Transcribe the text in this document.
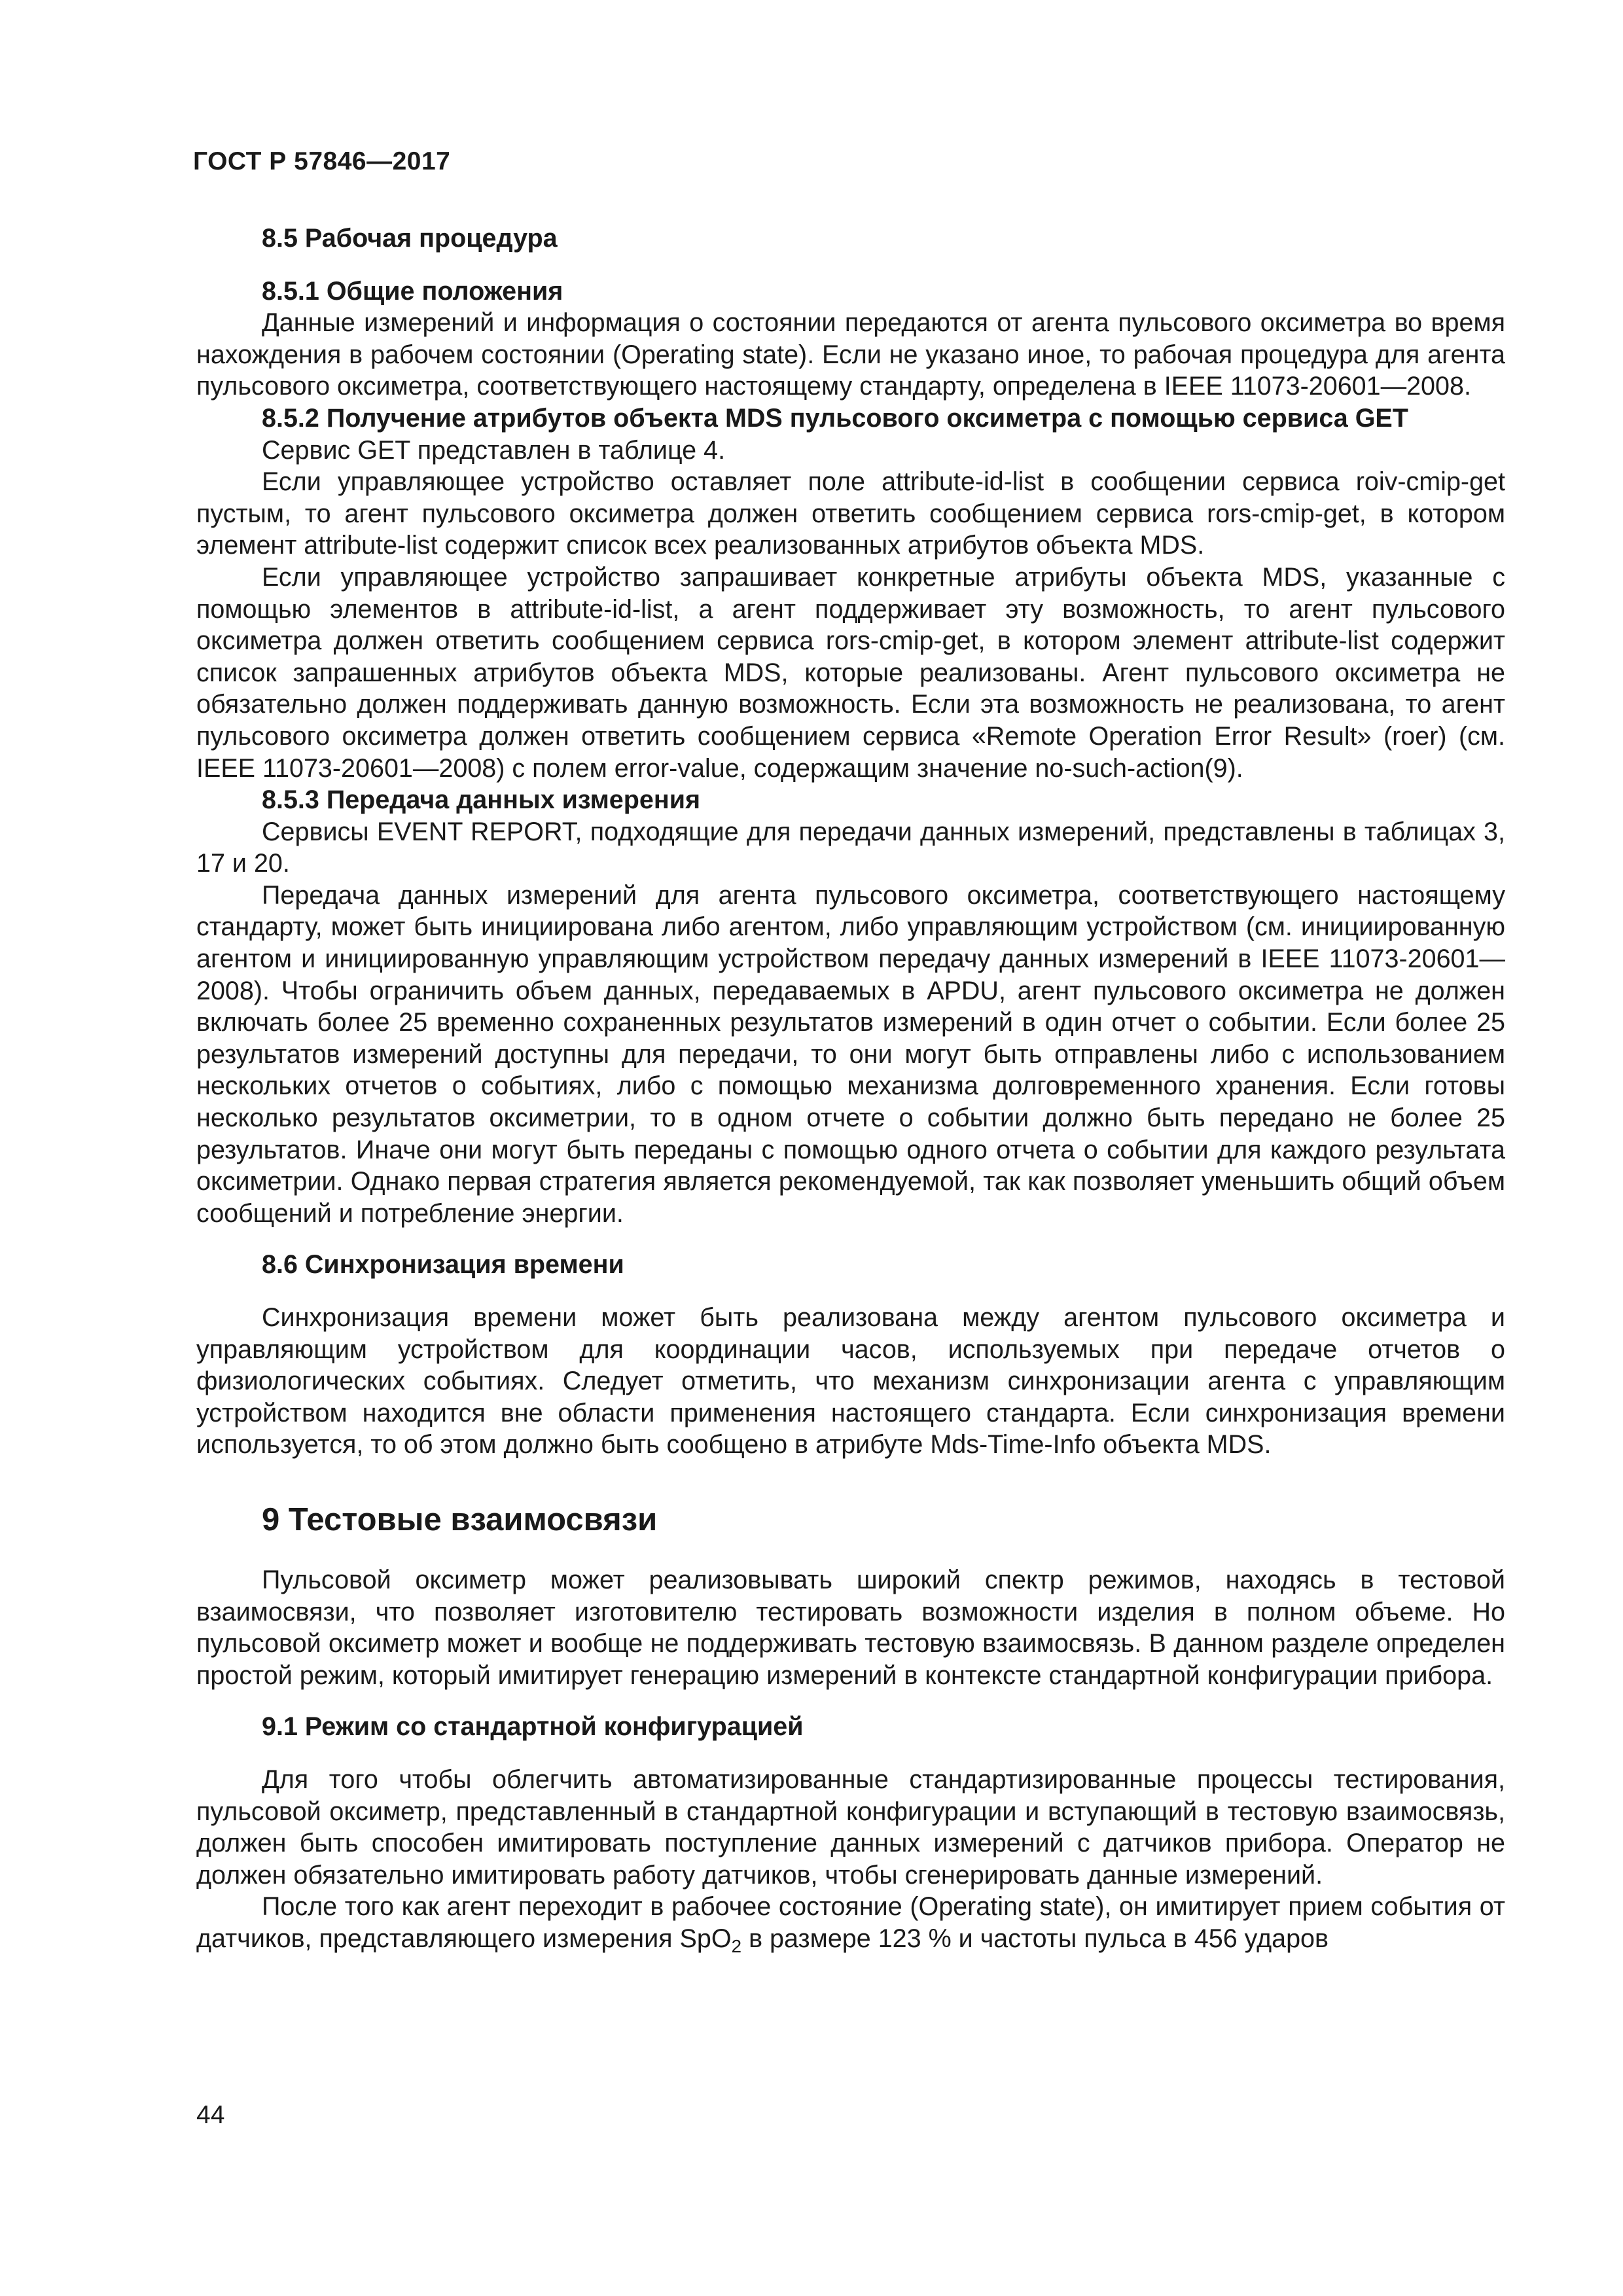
ГОСТ Р 57846—2017
8.5 Рабочая процедура
8.5.1 Общие положения

Данные измерений и информация о состоянии передаются от агента пульсового оксиметра во время нахождения в рабочем состоянии (Operating state). Если не указано иное, то рабочая процедура для агента пульсового оксиметра, соответствующего настоящему стандарту, определена в IEEE 11073-20601—2008.

8.5.2 Получение атрибутов объекта MDS пульсового оксиметра с помощью сервиса GET

Сервис GET представлен в таблице 4.

Если управляющее устройство оставляет поле attribute-id-list в сообщении сервиса roiv-cmip-get пустым, то агент пульсового оксиметра должен ответить сообщением сервиса rors-cmip-get, в котором элемент attribute-list содержит список всех реализованных атрибутов объекта MDS.

Если управляющее устройство запрашивает конкретные атрибуты объекта MDS, указанные с помощью элементов в attribute-id-list, а агент поддерживает эту возможность, то агент пульсового оксиметра должен ответить сообщением сервиса rors-cmip-get, в котором элемент attribute-list содержит список запрашенных атрибутов объекта MDS, которые реализованы. Агент пульсового оксиметра не обязательно должен поддерживать данную возможность. Если эта возможность не реализована, то агент пульсового оксиметра должен ответить сообщением сервиса «Remote Operation Error Result» (roer) (см. IEEE 11073-20601—2008) с полем error-value, содержащим значение no-such-action(9).

8.5.3 Передача данных измерения

Сервисы EVENT REPORT, подходящие для передачи данных измерений, представлены в таблицах 3, 17 и 20.

Передача данных измерений для агента пульсового оксиметра, соответствующего настоящему стандарту, может быть инициирована либо агентом, либо управляющим устройством (см. инициированную агентом и инициированную управляющим устройством передачу данных измерений в IEEE 11073-20601—2008). Чтобы ограничить объем данных, передаваемых в APDU, агент пульсового оксиметра не должен включать более 25 временно сохраненных результатов измерений в один отчет о событии. Если более 25 результатов измерений доступны для передачи, то они могут быть отправлены либо с использованием нескольких отчетов о событиях, либо с помощью механизма долговременного хранения. Если готовы несколько результатов оксиметрии, то в одном отчете о событии должно быть передано не более 25 результатов. Иначе они могут быть переданы с помощью одного отчета о событии для каждого результата оксиметрии. Однако первая стратегия является рекомендуемой, так как позволяет уменьшить общий объем сообщений и потребление энергии.

8.6 Синхронизация времени

Синхронизация времени может быть реализована между агентом пульсового оксиметра и управляющим устройством для координации часов, используемых при передаче отчетов о физиологических событиях. Следует отметить, что механизм синхронизации агента с управляющим устройством находится вне области применения настоящего стандарта. Если синхронизация времени используется, то об этом должно быть сообщено в атрибуте Mds-Time-Info объекта MDS.

9 Тестовые взаимосвязи

Пульсовой оксиметр может реализовывать широкий спектр режимов, находясь в тестовой взаимосвязи, что позволяет изготовителю тестировать возможности изделия в полном объеме. Но пульсовой оксиметр может и вообще не поддерживать тестовую взаимосвязь. В данном разделе определен простой режим, который имитирует генерацию измерений в контексте стандартной конфигурации прибора.

9.1 Режим со стандартной конфигурацией

Для того чтобы облегчить автоматизированные стандартизированные процессы тестирования, пульсовой оксиметр, представленный в стандартной конфигурации и вступающий в тестовую взаимосвязь, должен быть способен имитировать поступление данных измерений с датчиков прибора. Оператор не должен обязательно имитировать работу датчиков, чтобы сгенерировать данные измерений.

После того как агент переходит в рабочее состояние (Operating state), он имитирует прием события от датчиков, представляющего измерения SpO$_2$ в размере 123 % и частоты пульса в 456 ударов

44
